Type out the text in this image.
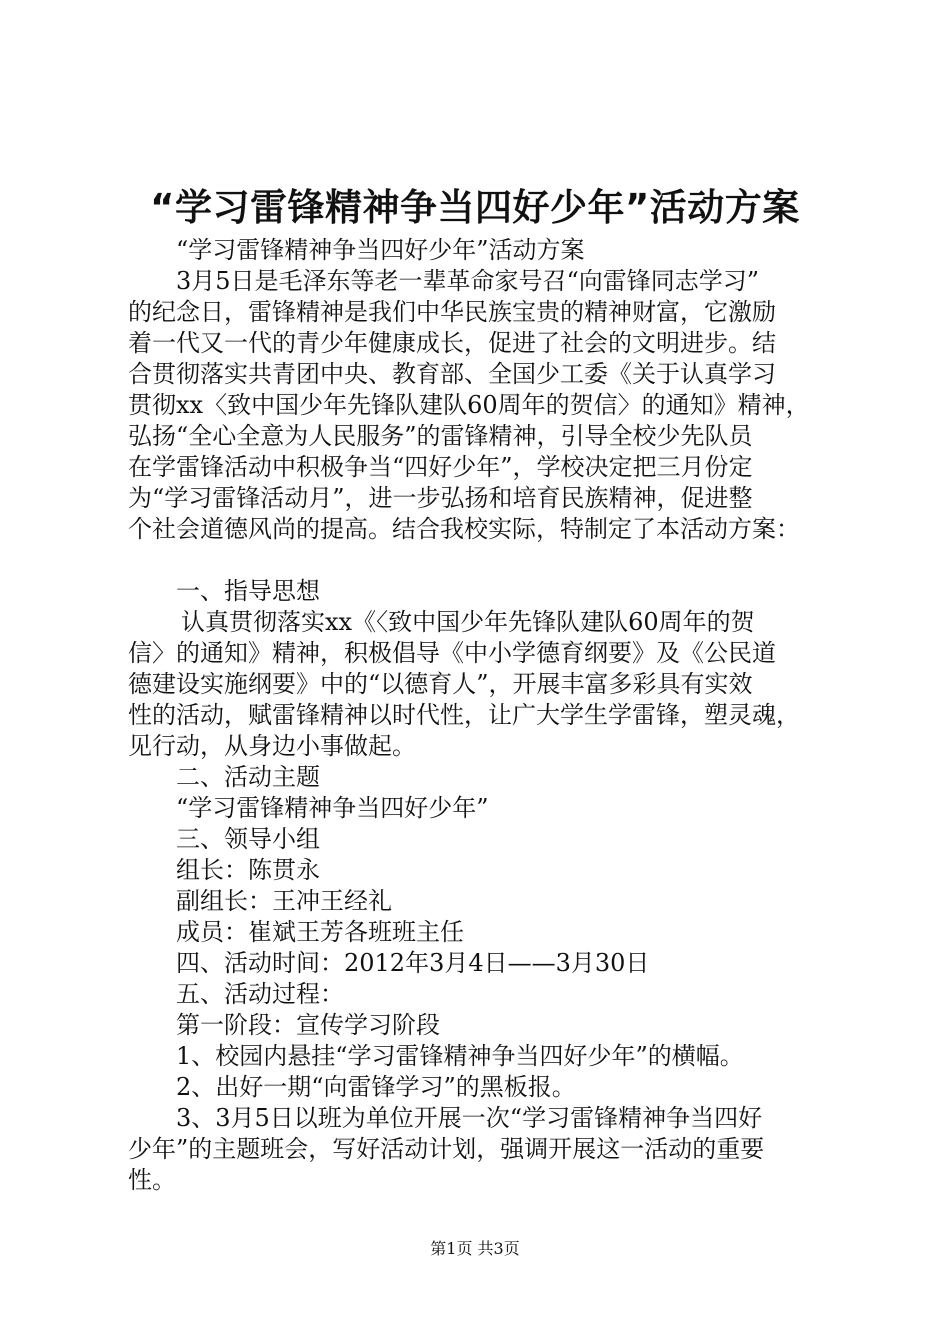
“学习雷锋精神争当四好少年”活动方案

“学习雷锋精神争当四好少年”活动方案

3月5日是毛泽东等老一辈革命家号召“向雷锋同志学习”

的纪念日，雷锋精神是我们中华民族宝贵的精神财富，它激励

着一代又一代的青少年健康成长，促进了社会的文明进步。结

合贯彻落实共青团中央、教育部、全国少工委《关于认真学习

贯彻xx〈致中国少年先锋队建队60周年的贺信〉的通知》精神，

弘扬“全心全意为人民服务”的雷锋精神，引导全校少先队员

在学雷锋活动中积极争当“四好少年”，学校决定把三月份定

为“学习雷锋活动月”，进一步弘扬和培育民族精神，促进整

个社会道德风尚的提高。结合我校实际，特制定了本活动方案：

一、指导思想

认真贯彻落实xx《〈致中国少年先锋队建队60周年的贺

信〉的通知》精神，积极倡导《中小学德育纲要》及《公民道

德建设实施纲要》中的“以德育人”，开展丰富多彩具有实效

性的活动，赋雷锋精神以时代性，让广大学生学雷锋，塑灵魂，

见行动，从身边小事做起。

二、活动主题

“学习雷锋精神争当四好少年”

三、领导小组

组长：陈贯永

副组长：王冲王经礼

成员：崔斌王芳各班班主任

四、活动时间：2012年3月4日——3月30日

五、活动过程：

第一阶段：宣传学习阶段

1、校园内悬挂“学习雷锋精神争当四好少年”的横幅。

2、出好一期“向雷锋学习”的黑板报。

3、3月5日以班为单位开展一次“学习雷锋精神争当四好

少年”的主题班会，写好活动计划，强调开展这一活动的重要

性。

第1页 共3页
